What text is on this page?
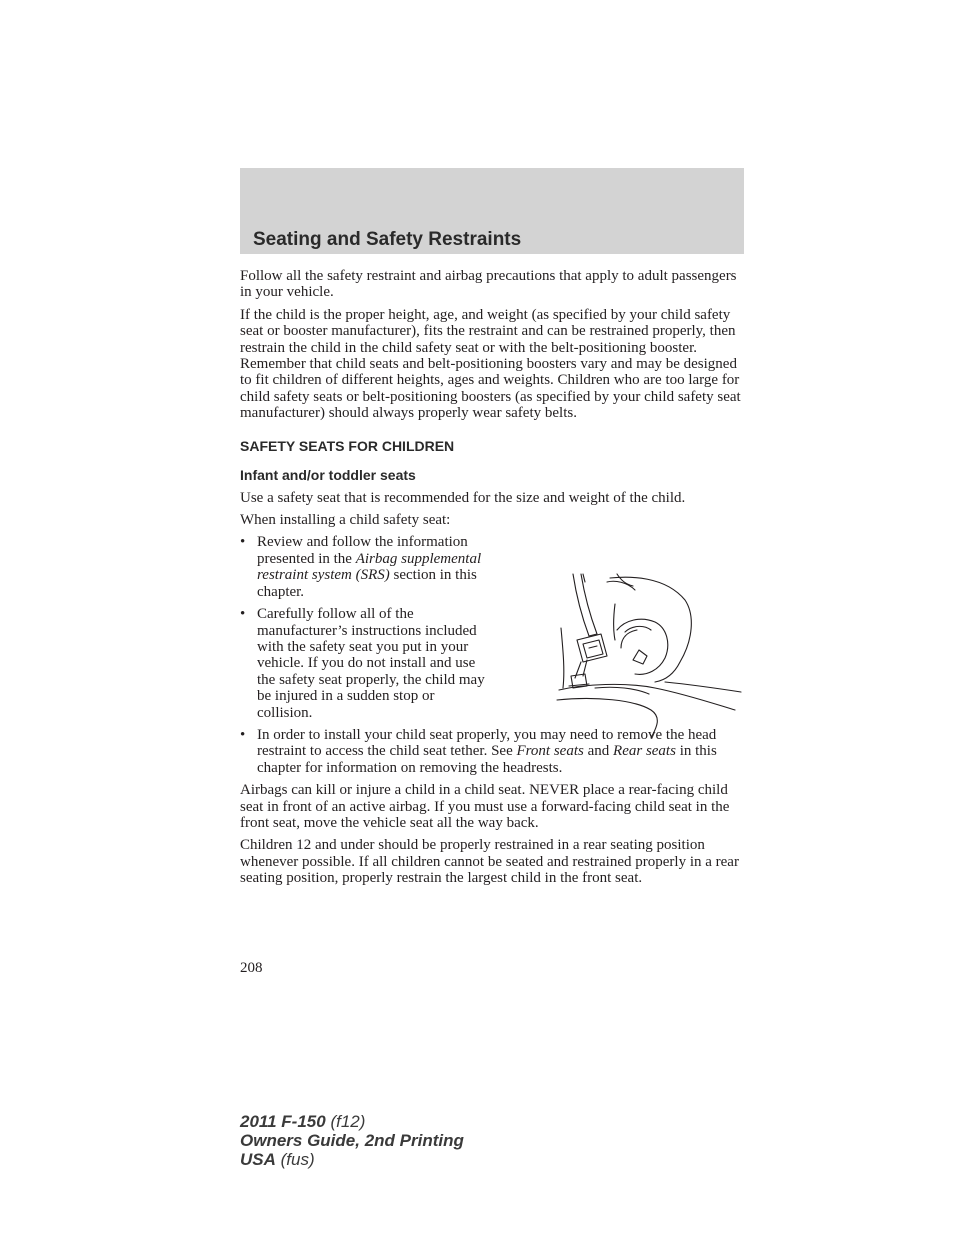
Seating and Safety Restraints

Follow all the safety restraint and airbag precautions that apply to adult passengers in your vehicle.

If the child is the proper height, age, and weight (as specified by your child safety seat or booster manufacturer), fits the restraint and can be restrained properly, then restrain the child in the child safety seat or with the belt-positioning booster. Remember that child seats and belt-positioning boosters vary and may be designed to fit children of different heights, ages and weights. Children who are too large for child safety seats or belt-positioning boosters (as specified by your child safety seat manufacturer) should always properly wear safety belts.

SAFETY SEATS FOR CHILDREN
Infant and/or toddler seats

Use a safety seat that is recommended for the size and weight of the child.

When installing a child safety seat:

• Review and follow the information presented in the Airbag supplemental restraint system (SRS) section in this chapter.
• Carefully follow all of the manufacturer’s instructions included with the safety seat you put in your vehicle. If you do not install and use the safety seat properly, the child may be injured in a sudden stop or collision.
• In order to install your child seat properly, you may need to remove the head restraint to access the child seat tether. See Front seats and Rear seats in this chapter for information on removing the headrests.

Airbags can kill or injure a child in a child seat. NEVER place a rear-facing child seat in front of an active airbag. If you must use a forward-facing child seat in the front seat, move the vehicle seat all the way back.

Children 12 and under should be properly restrained in a rear seating position whenever possible. If all children cannot be seated and restrained properly in a rear seating position, properly restrain the largest child in the front seat.

208
2011 F-150 (f12)
Owners Guide, 2nd Printing
USA (fus)
